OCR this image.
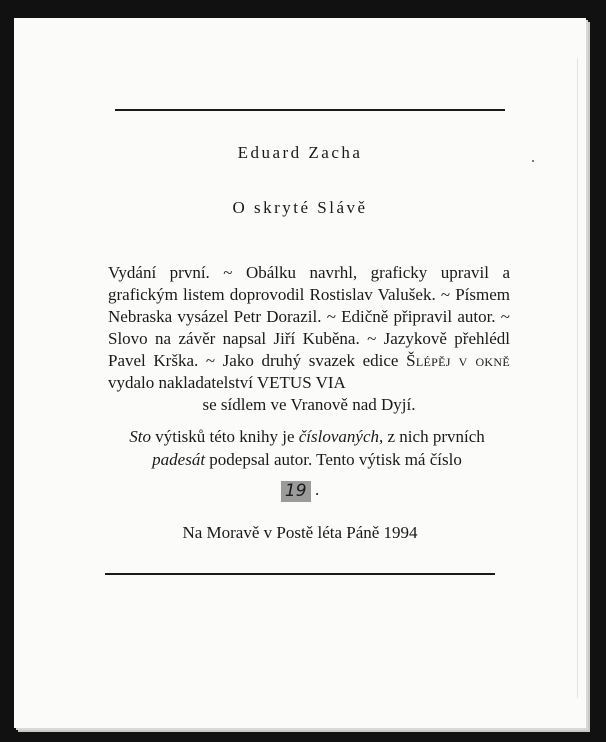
Eduard Zacha
O skryté Slávě
Vydání první. ~ Obálku navrhl, graficky upravil a grafickým listem doprovodil Rostislav Valušek. ~ Písmem Nebraska vysázel Petr Dorazil. ~ Edičně připravil autor. ~ Slovo na závěr napsal Jiří Kuběna. ~ Jazykově přehlédl Pavel Krška. ~ Jako druhý svazek edice Šlépěj v okně vydalo nakladatelství VETUS VIA
se sídlem ve Vranově nad Dyjí.
Sto výtisků této knihy je číslovaných, z nich prvních
padesát podepsal autor. Tento výtisk má číslo
19 .
Na Moravě v Postě léta Páně 1994
